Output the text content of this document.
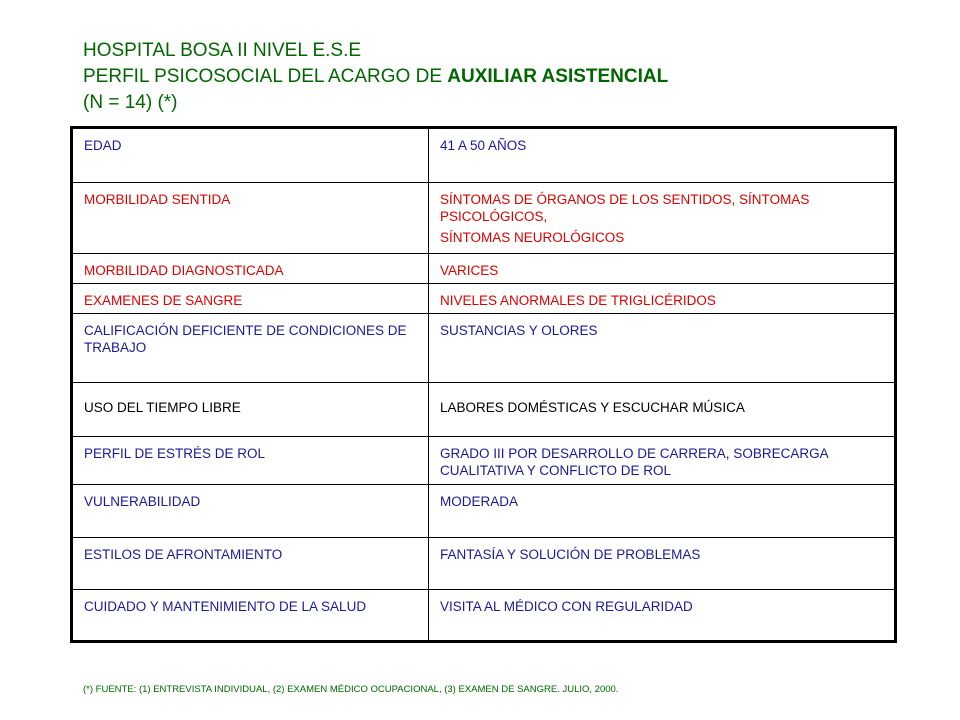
HOSPITAL BOSA II NIVEL E.S.E
PERFIL PSICOSOCIAL DEL ACARGO DE AUXILIAR ASISTENCIAL
(N = 14) (*)
EDAD	41 A 50 AÑOS

MORBILIDAD SENTIDA	SÍNTOMAS DE ÓRGANOS DE LOS SENTIDOS, SÍNTOMAS PSICOLÓGICOS,
SÍNTOMAS NEUROLÓGICOS

MORBILIDAD DIAGNOSTICADA	VARICES

EXAMENES DE SANGRE	NIVELES ANORMALES DE TRIGLICÉRIDOS

CALIFICACIÓN DEFICIENTE DE CONDICIONES DE TRABAJO	SUSTANCIAS Y OLORES

USO DEL TIEMPO LIBRE	LABORES DOMÉSTICAS Y ESCUCHAR MÚSICA

PERFIL DE ESTRÉS DE ROL	GRADO III POR DESARROLLO DE CARRERA, SOBRECARGA CUALITATIVA Y CONFLICTO DE ROL

VULNERABILIDAD	MODERADA

ESTILOS DE AFRONTAMIENTO	FANTASÍA Y SOLUCIÓN DE PROBLEMAS

CUIDADO Y MANTENIMIENTO DE LA SALUD	VISITA AL MÉDICO CON REGULARIDAD
(*) FUENTE: (1) ENTREVISTA INDIVIDUAL, (2) EXAMEN MÉDICO OCUPACIONAL, (3) EXAMEN DE SANGRE. JULIO, 2000.
